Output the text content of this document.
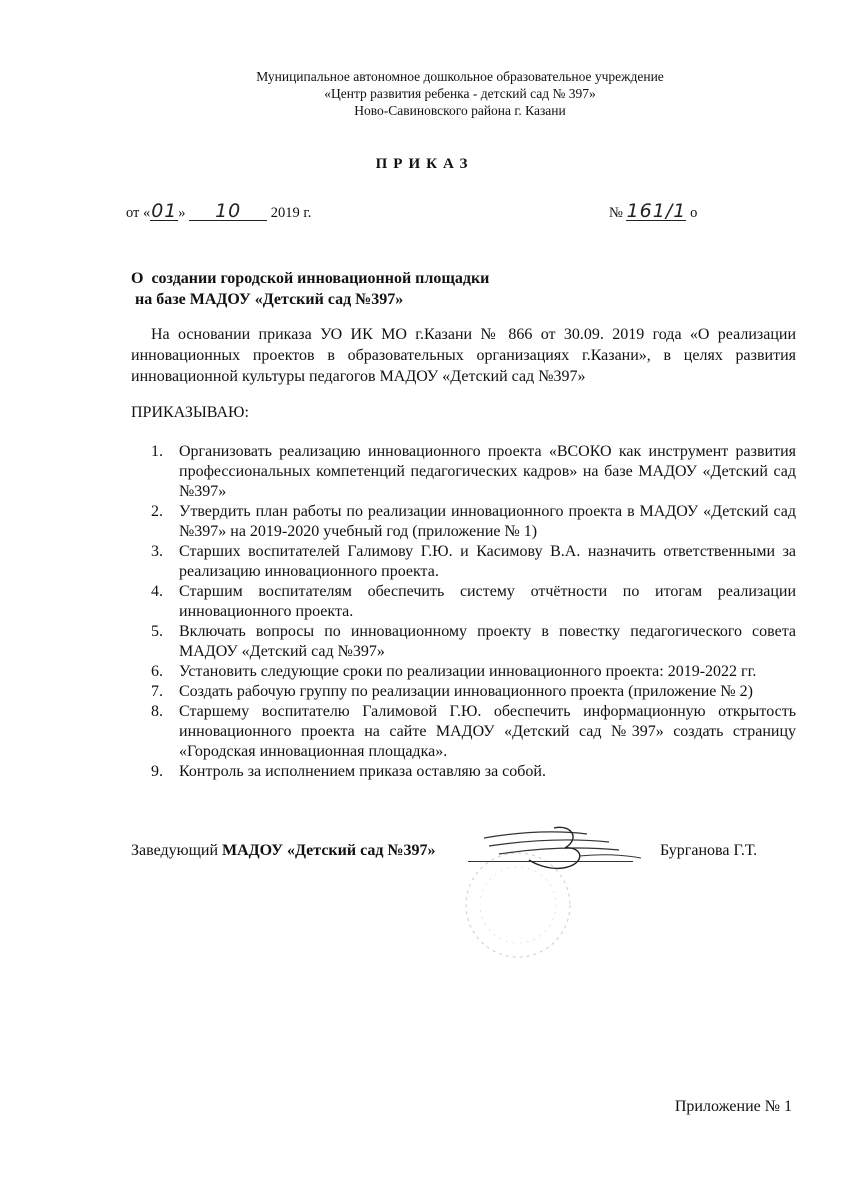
Муниципальное автономное дошкольное образовательное учреждение
«Центр развития ребенка - детский сад № 397»
Ново-Савиновского района г. Казани
ПРИКАЗ
от «01» 10 2019 г.	№ 161/1 о
О  создании городской инновационной площадки
на базе МАДОУ «Детский сад №397»
На основании приказа УО ИК МО г.Казани № 866 от 30.09. 2019 года «О реализации инновационных проектов в образовательных организациях г.Казани», в целях развития инновационной культуры педагогов МАДОУ «Детский сад №397»
ПРИКАЗЫВАЮ:
1. Организовать реализацию инновационного проекта «ВСОКО как инструмент развития профессиональных компетенций педагогических кадров» на базе МАДОУ «Детский сад №397»
2. Утвердить план работы по реализации инновационного проекта в МАДОУ «Детский сад №397» на 2019-2020 учебный год (приложение № 1)
3. Старших воспитателей Галимову Г.Ю. и Касимову В.А. назначить ответственными за реализацию инновационного проекта.
4. Старшим воспитателям обеспечить систему отчётности по итогам реализации инновационного проекта.
5. Включать вопросы по инновационному проекту в повестку педагогического совета МАДОУ «Детский сад №397»
6. Установить следующие сроки по реализации инновационного проекта: 2019-2022 гг.
7. Создать рабочую группу по реализации инновационного проекта (приложение № 2)
8. Старшему воспитателю Галимовой Г.Ю. обеспечить информационную открытость инновационного проекта на сайте МАДОУ «Детский сад №397» создать страницу «Городская инновационная площадка».
9. Контроль за исполнением приказа оставляю за собой.
Заведующий МАДОУ «Детский сад №397»	Бурганова Г.Т.
Приложение № 1
